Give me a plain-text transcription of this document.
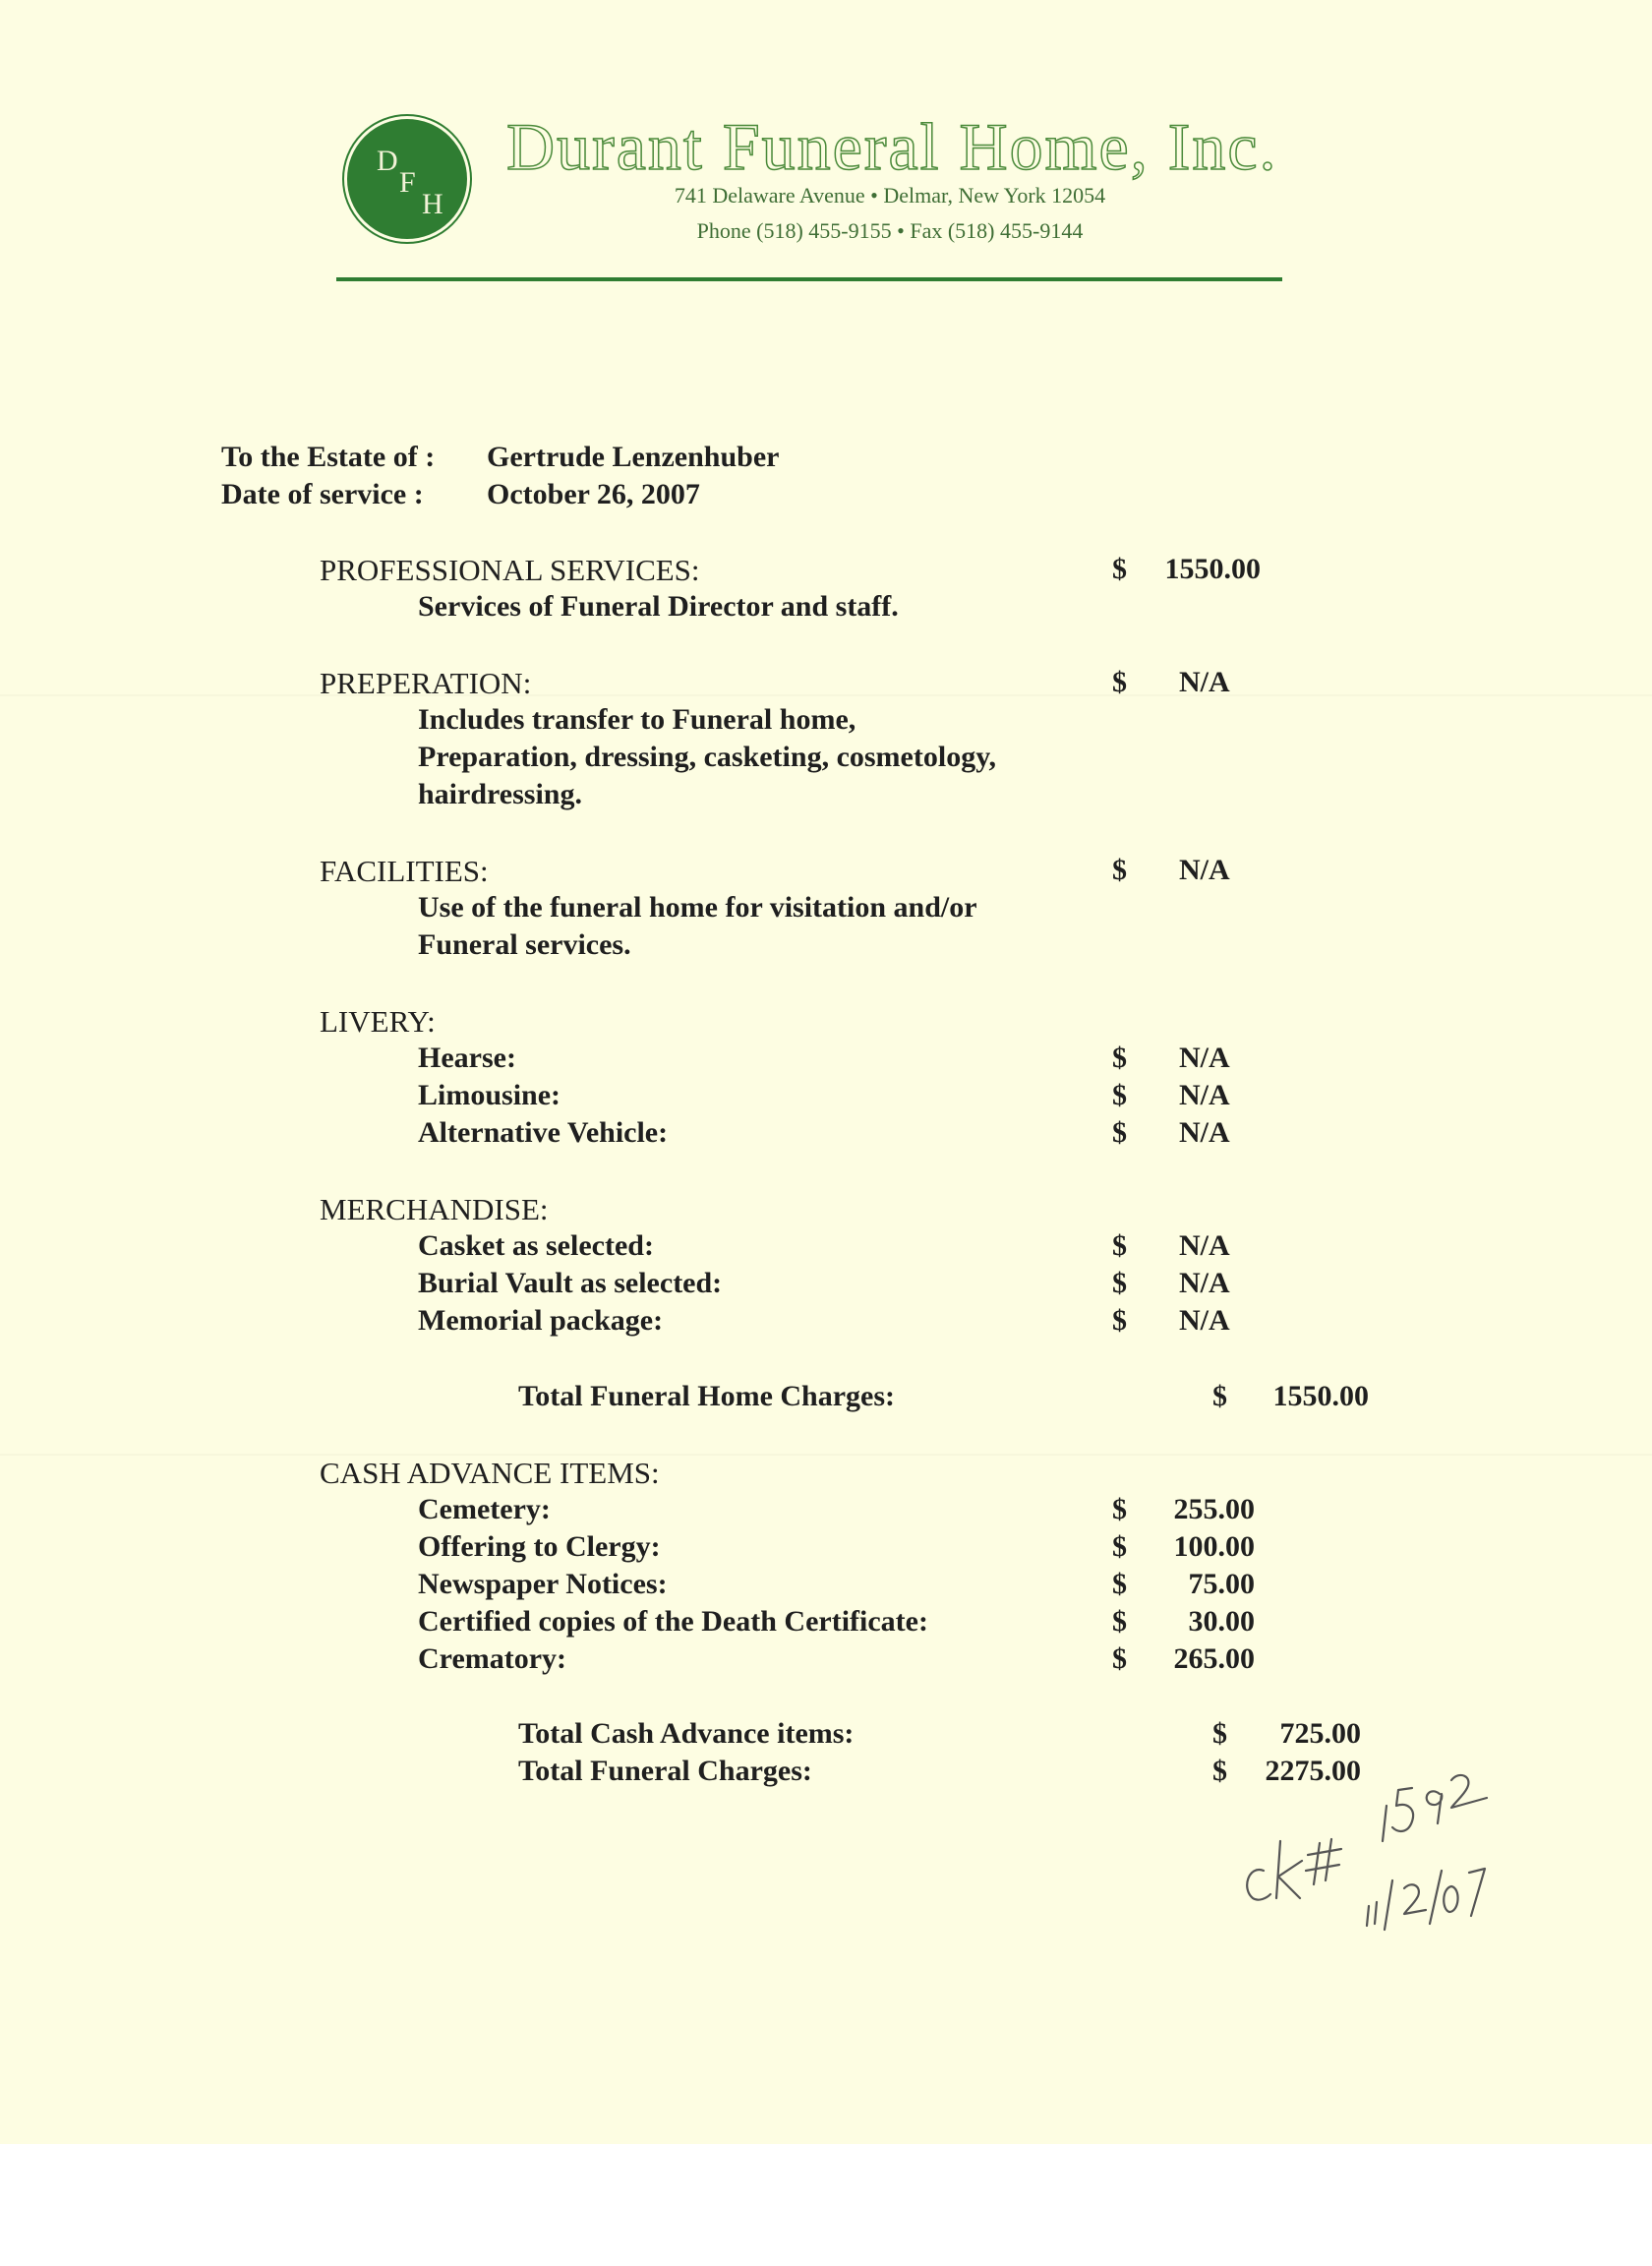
D
F
H
Durant Funeral Home, Inc.
741 Delaware Avenue • Delmar, New York 12054
Phone (518) 455-9155 • Fax (518) 455-9144
To the Estate of : Gertrude Lenzenhuber
Date of service : October 26, 2007
PROFESSIONAL SERVICES:	$	1550.00
Services of Funeral Director and staff.
PREPERATION:	$ N/A
Includes transfer to Funeral home,
Preparation, dressing, casketing, cosmetology,
hairdressing.
FACILITIES:	$ N/A
Use of the funeral home for visitation and/or
Funeral services.
LIVERY:
Hearse:	$ N/A
Limousine:	$ N/A
Alternative Vehicle:	$ N/A
MERCHANDISE:
Casket as selected:	$ N/A
Burial Vault as selected:	$ N/A
Memorial package:	$ N/A
Total Funeral Home Charges:	$	1550.00
CASH ADVANCE ITEMS:
Cemetery:	$	255.00
Offering to Clergy:	$	100.00
Newspaper Notices:	$	75.00
Certified copies of the Death Certificate:	$	30.00
Crematory:	$	265.00
Total Cash Advance items:	$	725.00
Total Funeral Charges:	$	2275.00
